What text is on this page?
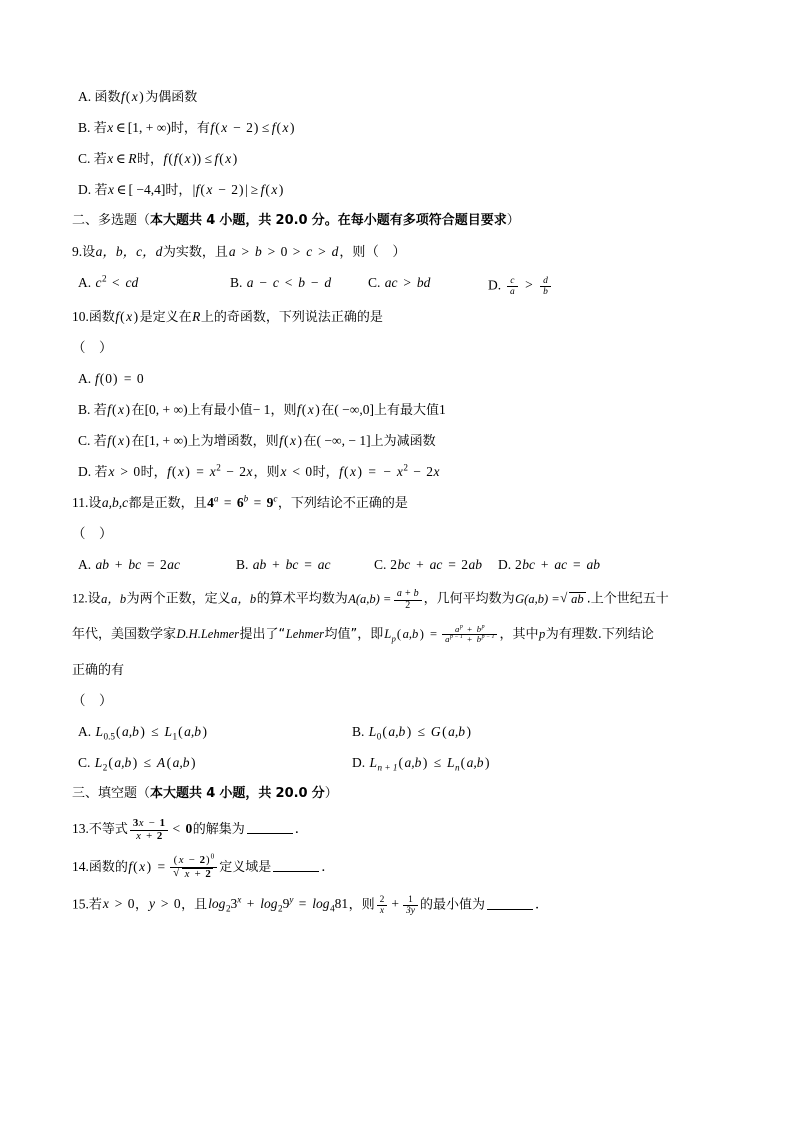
A. 函数f( x ) 为偶函数
B. 若x ∈ [1, + ∞)时，有f( x − 2) ≤ f( x )
C. 若x ∈ R时，f(f( x )) ≤ f( x )
D. 若x ∈ [ −4,4]时，|f( x − 2)| ≥ f( x )
二、多选题（本大题共 4 小题，共 20.0 分。在每小题有多项符合题目要求）
9.设a，b，c，d为实数，且a > b > 0 > c > d，则（　）
A. $c^2$ < cd	B. a − c < b − d	C. ac > bd	D. $\frac{c}{a} > \frac{d}{b}$
10.函数f( x ) 是定义在R上的奇函数，下列说法正确的是
（　）
A. f(0) = 0
B. 若f( x ) 在[0, + ∞)上有最小值− 1，则f( x ) 在( −∞,0]上有最大值1
C. 若f( x ) 在[1, + ∞)上为增函数，则f( x ) 在( −∞, − 1]上为减函数
D. 若x > 0时，f( x ) = $x^2 - 2x$，则x < 0时，f( x ) = − $x^2 - 2x$
11.设a,b,c都是正数，且$4^a = 6^b = 9^c$，下列结论不正确的是
（　）
A. ab + bc = 2ac	B. ab + bc = ac	C. 2bc + ac = 2ab D. 2bc + ac = ab
12.设a，b为两个正数，定义a，b的算术平均数为$A(a,b) = \frac{a + b}{2}$ ，几何平均数为G(a,b) = √ ab .上个世纪五十
年代，美国数学家D.H.Lehmer提出了“Lehmer均值”，即$L_p$( a,b ) = $\frac{a^p + b^p}{a^{p - 1} + b^{p - 1}}$ ，其中p为有理数.下列结论
正确的有
（　）
A. $L_{0.5}$( a,b ) ≤ $L_1$( a,b )	B. $L_0$( a,b ) ≤ G ( a,b )
C. $L_2$( a,b ) ≤ A ( a,b )	D. $L_{n + 1}$( a,b ) ≤ $L_n$( a,b )
三、填空题（本大题共 4 小题，共 20.0 分）
13.不等式 $\frac{3x - 1}{x + 2} < 0$的解集为	．
14.函数的f( x ) = $\frac{( x - 2)^0}{√ x + 2}$ 定义域是	．
15.若x > 0，y > 0，且$\log_23^x + \log_29^y = \log_481$，则 $\frac{2}{x} + \frac{1}{3y}$ 的最小值为	．
